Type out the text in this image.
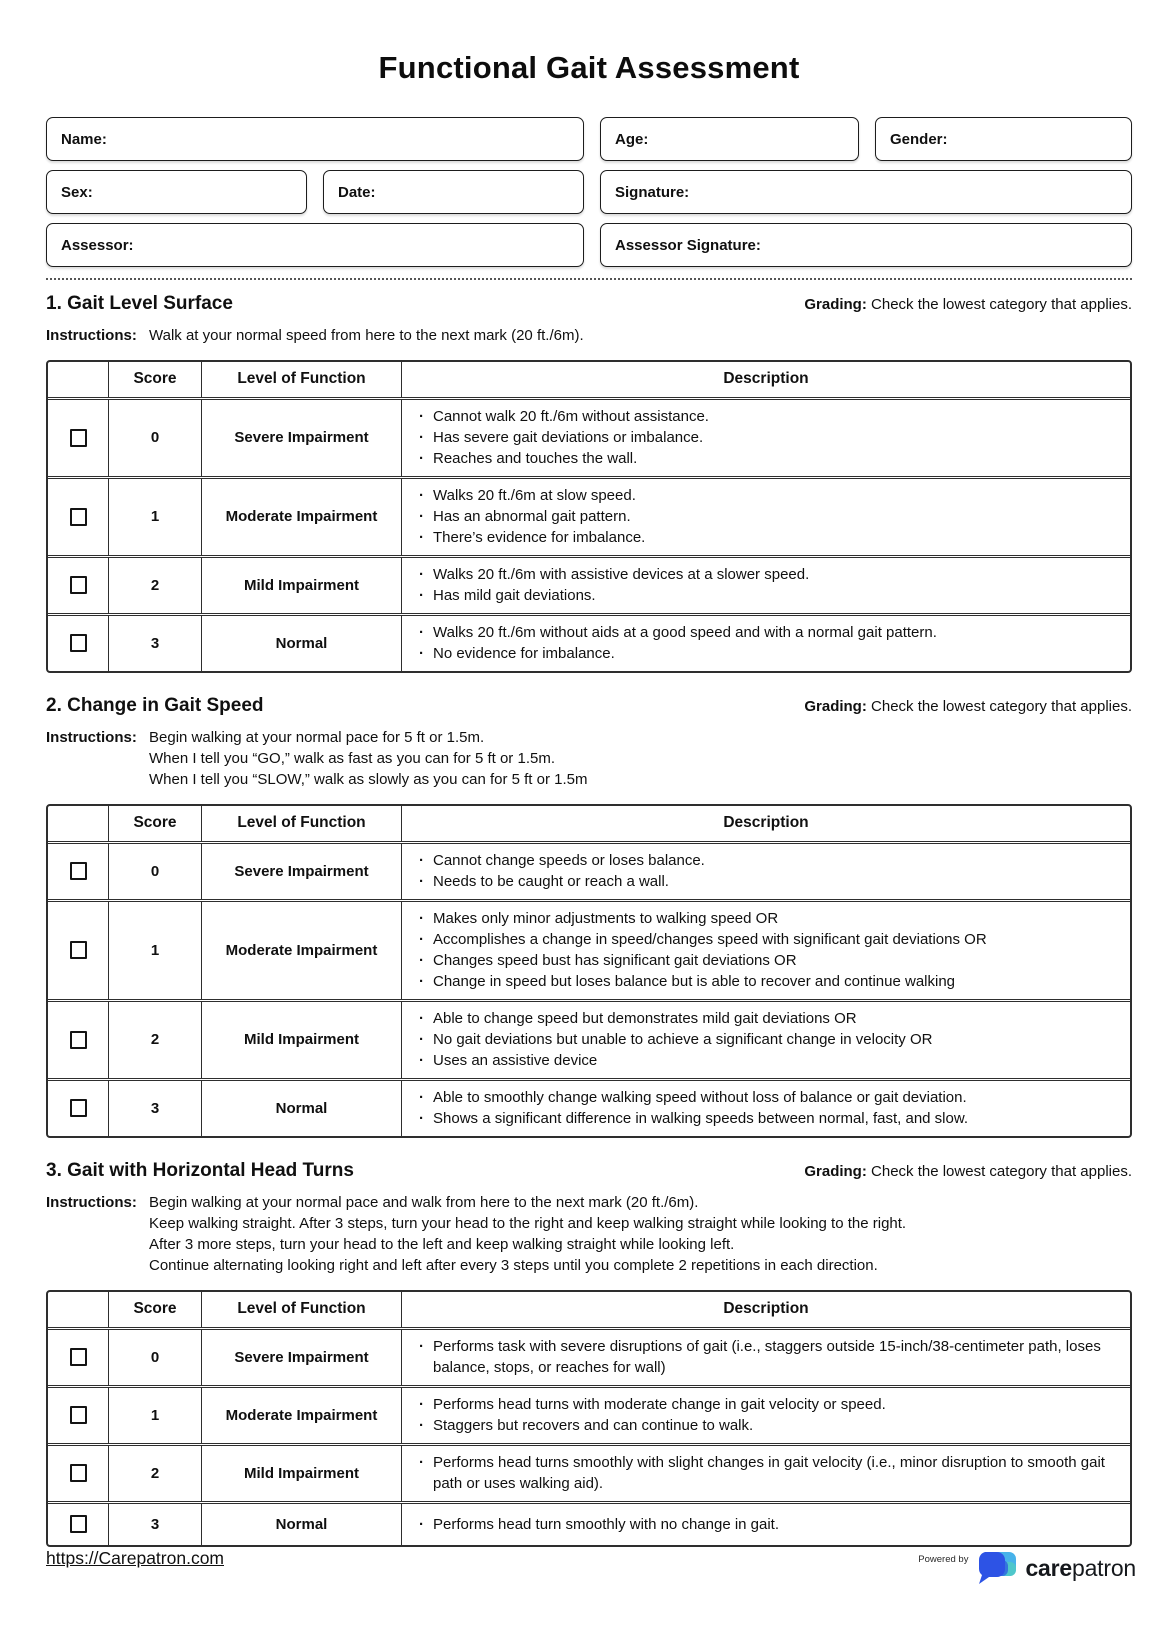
Functional Gait Assessment
Name:	Age:	Gender:
Sex:	Date:	Signature:
Assessor:	Assessor Signature:
1. Gait Level Surface	Grading: Check the lowest category that applies.
Instructions: Walk at your normal speed from here to the next mark (20 ft./6m).
Score	Level of Function	Description
0	Severe Impairment
· Cannot walk 20 ft./6m without assistance.
· Has severe gait deviations or imbalance.
· Reaches and touches the wall.
1	Moderate Impairment
· Walks 20 ft./6m at slow speed.
· Has an abnormal gait pattern.
· There’s evidence for imbalance.
2	Mild Impairment
· Walks 20 ft./6m with assistive devices at a slower speed.
· Has mild gait deviations.
3	Normal
· Walks 20 ft./6m without aids at a good speed and with a normal gait pattern.
· No evidence for imbalance.
2. Change in Gait Speed	Grading: Check the lowest category that applies.
Instructions: Begin walking at your normal pace for 5 ft or 1.5m.
When I tell you “GO,” walk as fast as you can for 5 ft or 1.5m.
When I tell you “SLOW,” walk as slowly as you can for 5 ft or 1.5m
Score	Level of Function	Description
0	Severe Impairment
· Cannot change speeds or loses balance.
· Needs to be caught or reach a wall.
1	Moderate Impairment
· Makes only minor adjustments to walking speed OR
· Accomplishes a change in speed/changes speed with significant gait deviations OR
· Changes speed bust has significant gait deviations OR
· Change in speed but loses balance but is able to recover and continue walking
2	Mild Impairment
· Able to change speed but demonstrates mild gait deviations OR
· No gait deviations but unable to achieve a significant change in velocity OR
· Uses an assistive device
3	Normal
· Able to smoothly change walking speed without loss of balance or gait deviation.
· Shows a significant difference in walking speeds between normal, fast, and slow.
3. Gait with Horizontal Head Turns	Grading: Check the lowest category that applies.
Instructions: Begin walking at your normal pace and walk from here to the next mark (20 ft./6m).
Keep walking straight. After 3 steps, turn your head to the right and keep walking straight while looking to the right.
After 3 more steps, turn your head to the left and keep walking straight while looking left.
Continue alternating looking right and left after every 3 steps until you complete 2 repetitions in each direction.
Score	Level of Function	Description
0	Severe Impairment
· Performs task with severe disruptions of gait (i.e., staggers outside 15-inch/38-centimeter path, loses balance, stops, or reaches for wall)
1	Moderate Impairment
· Performs head turns with moderate change in gait velocity or speed.
· Staggers but recovers and can continue to walk.
2	Mild Impairment
· Performs head turns smoothly with slight changes in gait velocity (i.e., minor disruption to smooth gait path or uses walking aid).
3	Normal	· Performs head turn smoothly with no change in gait.
https://Carepatron.com	Powered by carepatron
